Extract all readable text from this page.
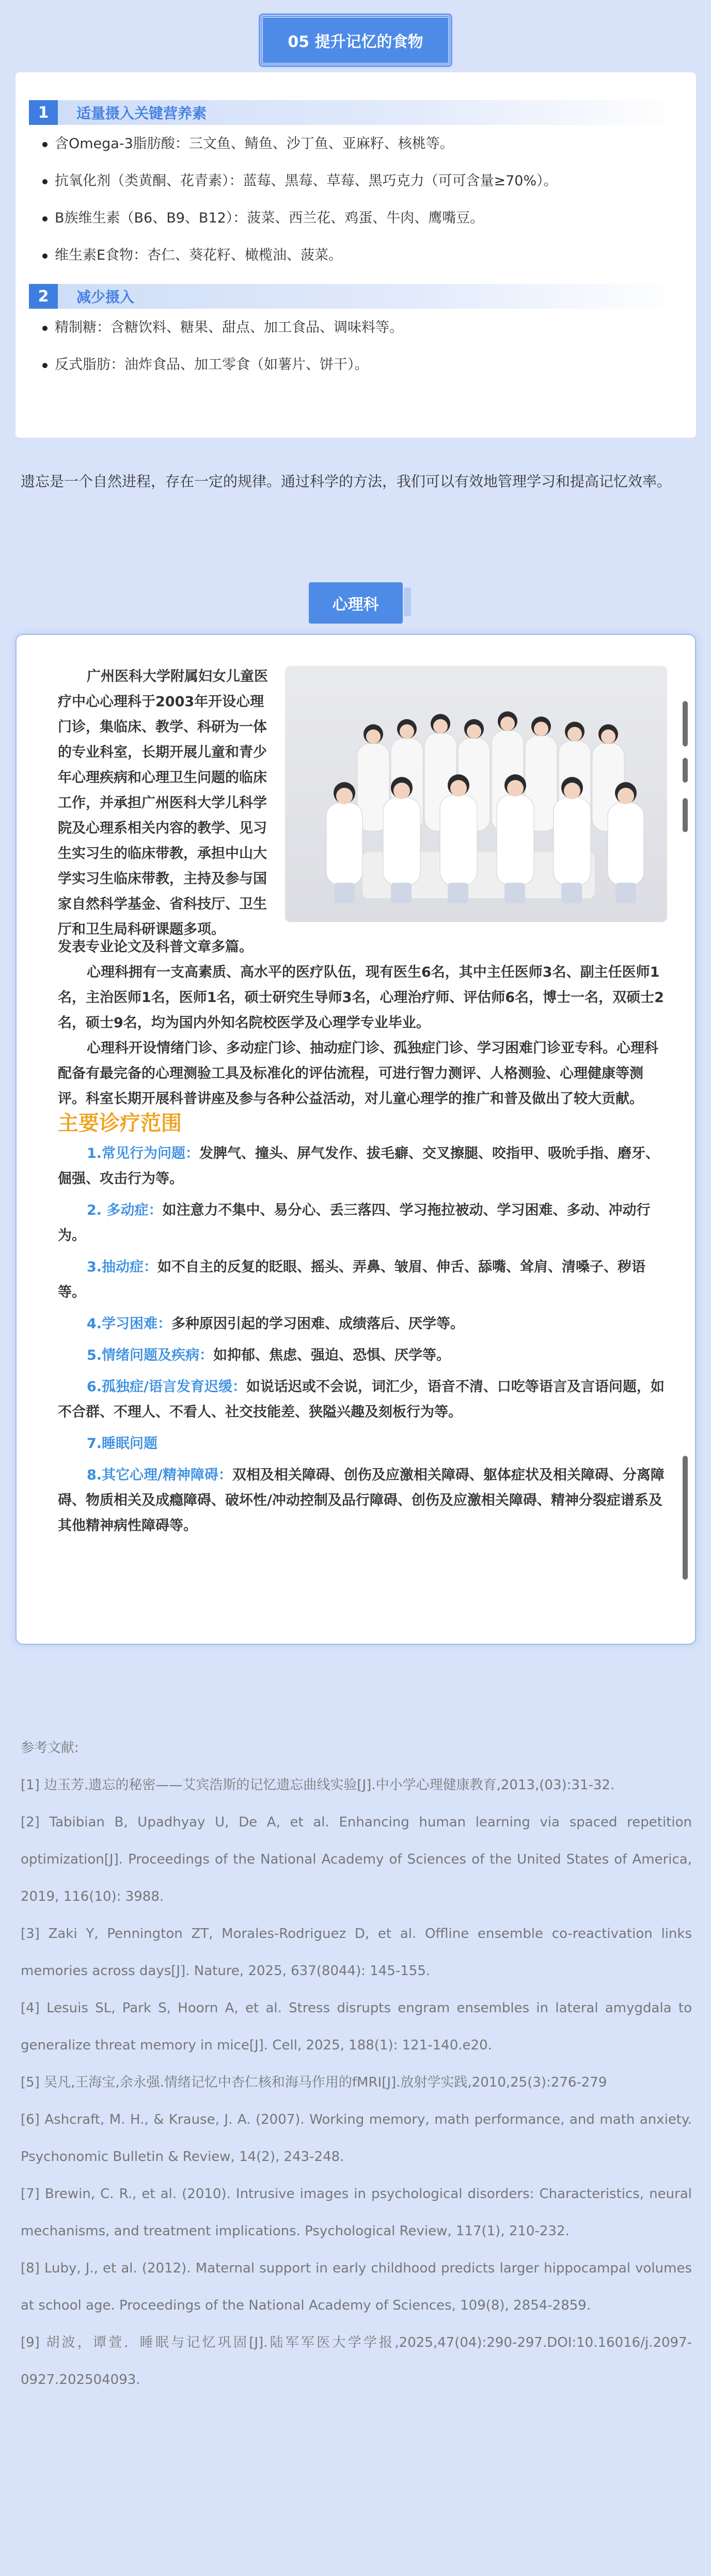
05 提升记忆的食物
1	适量摄入关键营养素
含Omega-3脂肪酸：三文鱼、鲭鱼、沙丁鱼、亚麻籽、核桃等。
抗氧化剂（类黄酮、花青素）：蓝莓、黑莓、草莓、黑巧克力（可可含量≥70%）。
B族维生素（B6、B9、B12）：菠菜、西兰花、鸡蛋、牛肉、鹰嘴豆。
维生素E食物：杏仁、葵花籽、橄榄油、菠菜。
2	减少摄入
精制糖：含糖饮料、糖果、甜点、加工食品、调味料等。
反式脂肪：油炸食品、加工零食（如薯片、饼干）。

遗忘是一个自然进程，存在一定的规律。通过科学的方法，我们可以有效地管理学习和提高记忆效率。

心理科

广州医科大学附属妇女儿童医疗中心心理科于2003年开设心理门诊，集临床、教学、科研为一体的专业科室，长期开展儿童和青少年心理疾病和心理卫生问题的临床工作，并承担广州医科大学儿科学院及心理系相关内容的教学、见习生实习生的临床带教，承担中山大学实习生临床带教，主持及参与国家自然科学基金、省科技厅、卫生厅和卫生局科研课题多项。

发表专业论文及科普文章多篇。

心理科拥有一支高素质、高水平的医疗队伍，现有医生6名，其中主任医师3名、副主任医师1名，主治医师1名，医师1名，硕士研究生导师3名，心理治疗师、评估师6名，博士一名，双硕士2名，硕士9名，均为国内外知名院校医学及心理学专业毕业。

心理科开设情绪门诊、多动症门诊、抽动症门诊、孤独症门诊、学习困难门诊亚专科。心理科配备有最完备的心理测验工具及标准化的评估流程，可进行智力测评、人格测验、心理健康等测评。科室长期开展科普讲座及参与各种公益活动，对儿童心理学的推广和普及做出了较大贡献。

主要诊疗范围
1.常见行为问题：发脾气、撞头、屏气发作、拔毛癖、交叉擦腿、咬指甲、吸吮手指、磨牙、倔强、攻击行为等。
2. 多动症：如注意力不集中、易分心、丢三落四、学习拖拉被动、学习困难、多动、冲动行为。
3.抽动症：如不自主的反复的眨眼、摇头、弄鼻、皱眉、伸舌、舔嘴、耸肩、清嗓子、秽语等。
4.学习困难：多种原因引起的学习困难、成绩落后、厌学等。
5.情绪问题及疾病：如抑郁、焦虑、强迫、恐惧、厌学等。
6.孤独症/语言发育迟缓：如说话迟或不会说，词汇少，语音不清、口吃等语言及言语问题，如不合群、不理人、不看人、社交技能差、狭隘兴趣及刻板行为等。
7.睡眠问题
8.其它心理/精神障碍：双相及相关障碍、创伤及应激相关障碍、躯体症状及相关障碍、分离障碍、物质相关及成瘾障碍、破坏性/冲动控制及品行障碍、创伤及应激相关障碍、精神分裂症谱系及其他精神病性障碍等。
参考文献:
[1] 边玉芳.遗忘的秘密——艾宾浩斯的记忆遗忘曲线实验[J].中小学心理健康教育,2013,(03):31-32.
[2] Tabibian B, Upadhyay U, De A, et al. Enhancing human learning via spaced repetition optimization[J]. Proceedings of the National Academy of Sciences of the United States of America, 2019, 116(10): 3988.
[3] Zaki Y, Pennington ZT, Morales-Rodriguez D, et al. Offline ensemble co-reactivation links memories across days[J]. Nature, 2025, 637(8044): 145-155.
[4] Lesuis SL, Park S, Hoorn A, et al. Stress disrupts engram ensembles in lateral amygdala to generalize threat memory in mice[J]. Cell, 2025, 188(1): 121-140.e20.
[5] 吴凡,王海宝,余永强.情绪记忆中杏仁核和海马作用的fMRI[J].放射学实践,2010,25(3):276-279
[6] Ashcraft, M. H., & Krause, J. A. (2007). Working memory, math performance, and math anxiety. Psychonomic Bulletin & Review, 14(2), 243-248.
[7] Brewin, C. R., et al. (2010). Intrusive images in psychological disorders: Characteristics, neural mechanisms, and treatment implications. Psychological Review, 117(1), 210-232.
[8] Luby, J., et al. (2012). Maternal support in early childhood predicts larger hippocampal volumes at school age. Proceedings of the National Academy of Sciences, 109(8), 2854-2859.
[9] 胡波，谭萱．睡眠与记忆巩固[J].陆军军医大学学报,2025,47(04):290-297.DOI:10.16016/j.2097-0927.202504093.
